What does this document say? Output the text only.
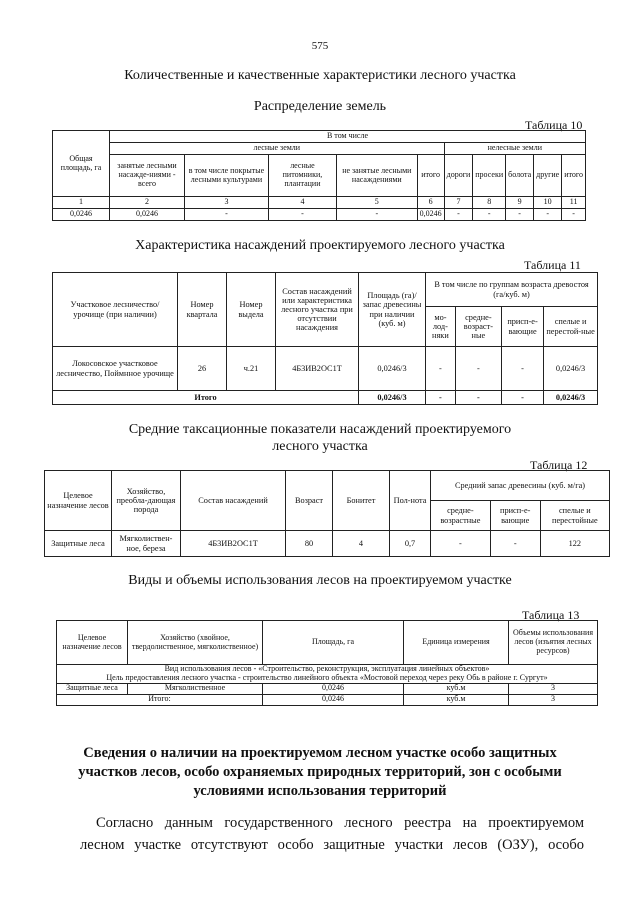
575
Количественные и качественные характеристики лесного участка
Распределение земель
Таблица 10
Общая площадь, га	В том числе									
	лесные земли					нелесные земли				
	занятые лесными насажде-ниями - всего	в том числе покрытые лесными культурами	лесные питомники, плантации	не занятые лесными насаждениями	итого	дороги	просеки	болота	другие	итого
1	2	3	4	5	6	7	8	9	10	11
0,0246	0,0246	-	-	-	0,0246	-	-	-	-	-
Характеристика насаждений проектируемого лесного участка
Таблица 11
Участковое лесничество/ урочище (при наличии)	Номер квартала	Номер выдела	Состав насаждений или характеристика лесного участка при отсутствии насаждения	Площадь (га)/запас древесины при наличии (куб. м)	В том числе по группам возраста древостоя (га/куб. м)			
					мо-лод-няки	средне-возраст-ные	присп-е-вающие	спелые и перестой-ные
Локосовское участковое лесничество, Поймнное урочище	26	ч.21	4Б3ИВ2ОС1Т	0,0246/3	-	-	-	0,0246/3
Итого				0,0246/3	-	-	-	0,0246/3
Средние таксационные показатели насаждений проектируемого
лесного участка
Таблица 12
Целевое назначение лесов	Хозяйство, преобла-дающая порода	Состав насаждений	Возраст	Бонитет	Пол-нота	Средний запас древесины (куб. м/га)		
						средне-возрастные	присп-е-вающие	спелые и перестойные
Защитные леса	Мягколиствен-ное, береза	4Б3ИВ2ОС1Т	80	4	0,7	-	-	122
Виды и объемы использования лесов на проектируемом участке
Таблица 13
Целевое назначение лесов	Хозяйство (хвойное, твердолиственное, мягколиственное)	Площадь, га	Единица измерения	Объемы использования лесов (изъятия лесных ресурсов)

Вид использования лесов - «Строительство, реконструкция, эксплуатация линейных объектов»
Цель предоставления лесного участка - строительство линейного объекта «Мостовой переход через реку Обь в районе г. Сургут»				

Защитные леса	Мягколиственное	0,0246	куб.м	3
Итого:		0,0246	куб.м	3
Сведения о наличии на проектируемом лесном участке особо защитных
участков лесов, особо охраняемых природных территорий, зон с особыми
условиями использования территорий
Согласно данным государственного лесного реестра на проектируемом
лесном участке отсутствуют особо защитные участки лесов (ОЗУ), особо
